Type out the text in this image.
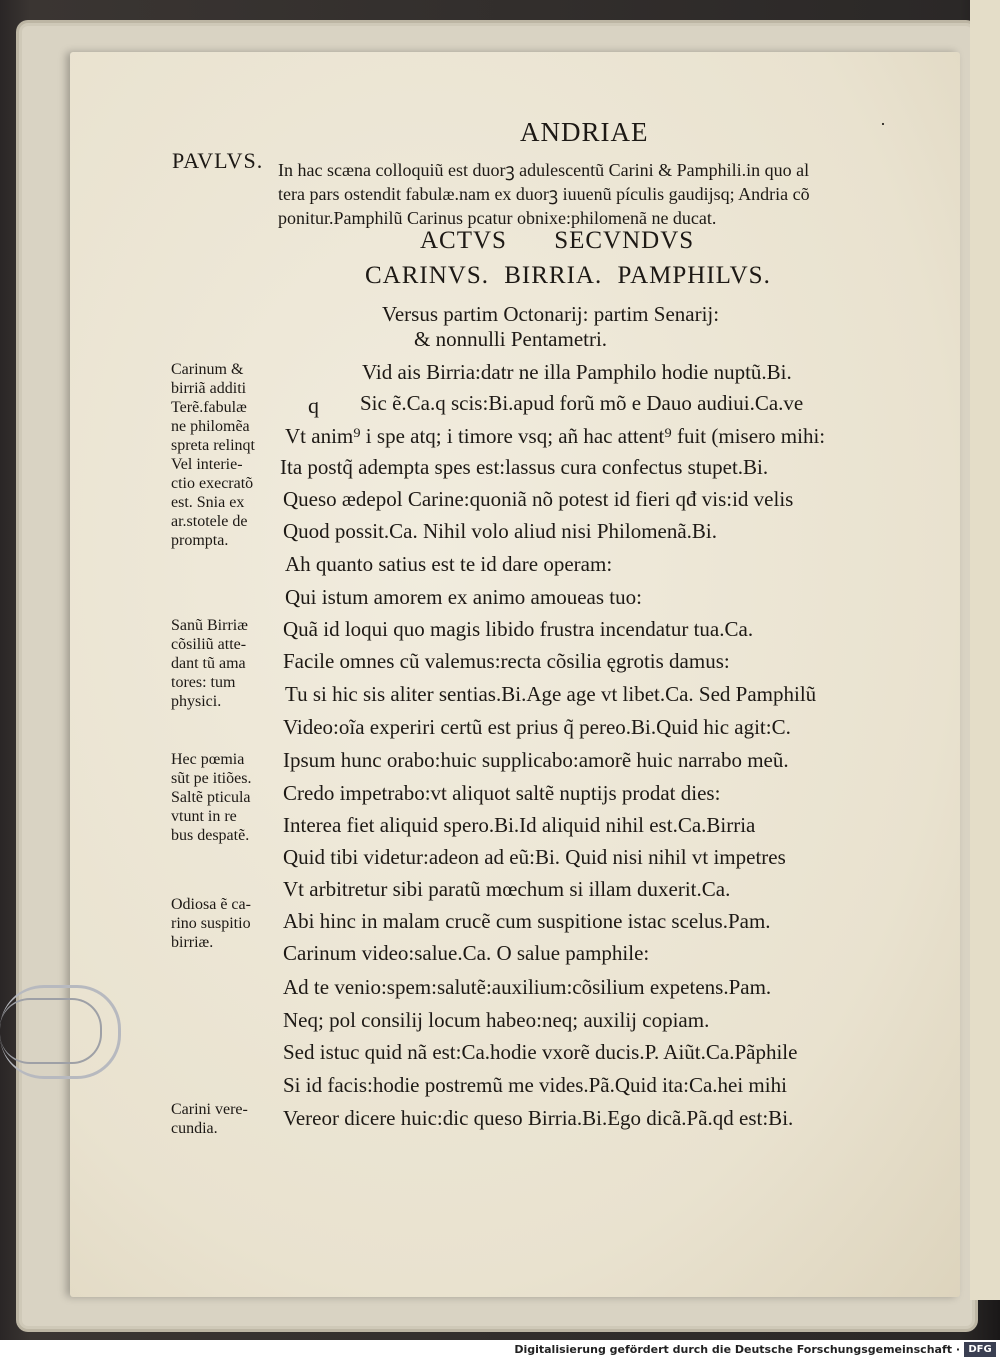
ANDRIAE	·
PAVLVS. In hac scæna colloquiũ est duorꝫ adulescentũ Carini & Pamphili.in quo al
tera pars ostendit fabulæ.nam ex duorꝫ iuuenũ pículis gaudijsq; Andria cõ
ponitur.Pamphilũ Carinus pcatur obnixe:philomenã ne ducat.
ACTVS SECVNDVS
CARINVS. BIRRIA. PAMPHILVS.
Versus partim Octonarij: partim Senarij:
& nonnulli Pentametri.
q
Vid ais Birria:datr ne illa Pamphilo hodie nuptũ.Bi.
Sic ẽ.Ca.q scis:Bi.apud forũ mõ e Dauo audiui.Ca.ve
Vt anim⁹ i spe atq; i timore vsq; añ hac attent⁹ fuit (misero mihi:
Ita postq̃ adempta spes est:lassus cura confectus stupet.Bi.
Queso ædepol Carine:quoniã nõ potest id fieri qđ vis:id velis
Quod possit.Ca. Nihil volo aliud nisi Philomenã.Bi.
Ah quanto satius est te id dare operam:
Qui istum amorem ex animo amoueas tuo:
Quã id loqui quo magis libido frustra incendatur tua.Ca.
Facile omnes cũ valemus:recta cõsilia ęgrotis damus:
Tu si hic sis aliter sentias.Bi.Age age vt libet.Ca. Sed Pamphilũ
Video:oĩa experiri certũ est prius q̃ pereo.Bi.Quid hic agit:C.
Ipsum hunc orabo:huic supplicabo:amorẽ huic narrabo meũ.
Credo impetrabo:vt aliquot saltẽ nuptijs prodat dies:
Interea fiet aliquid spero.Bi.Id aliquid nihil est.Ca.Birria
Quid tibi videtur:adeon ad eũ:Bi. Quid nisi nihil vt impetres
Vt arbitretur sibi paratũ mœchum si illam duxerit.Ca.
Abi hinc in malam crucẽ cum suspitione istac scelus.Pam.
Carinum video:salue.Ca. O salue pamphile:
Ad te venio:spem:salutẽ:auxilium:cõsilium expetens.Pam.
Neq; pol consilij locum habeo:neq; auxilij copiam.
Sed istuc quid nã est:Ca.hodie vxorẽ ducis.P. Aiũt.Ca.Pãphile
Si id facis:hodie postremũ me vides.Pã.Quid ita:Ca.hei mihi
Vereor dicere huic:dic queso Birria.Bi.Ego dicã.Pã.qd est:Bi.
Carinum &
birriã additi
Terẽ.fabulæ
ne philomẽa
spreta relinqt
Vel interie-
ctio execratõ
est. Snia ex
ar.stotele de
prompta.
Sanũ Birriæ
cõsiliũ atte-
dant tũ ama
tores: tum
physici.
Hec pœmia
sũt pe itiões.
Saltẽ pticula
vtunt in re
bus despatẽ.
Odiosa ẽ ca-
rino suspitio
birriæ.
Carini vere-
cundia.
Digitalisierung gefördert durch die Deutsche Forschungsgemeinschaft · DFG
